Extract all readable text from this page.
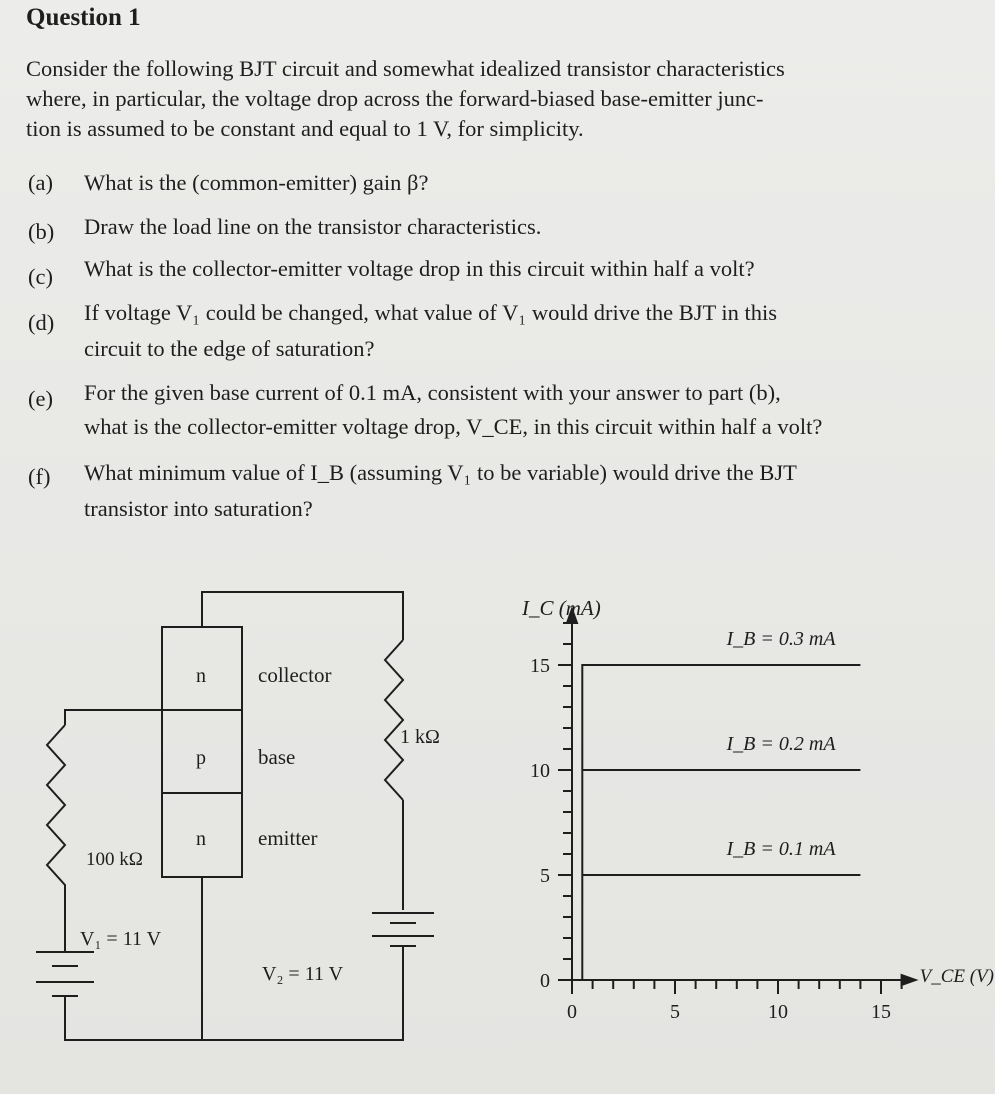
Question 1
Consider the following BJT circuit and somewhat idealized transistor characteristics
where, in particular, the voltage drop across the forward-biased base-emitter junc-
tion is assumed to be constant and equal to 1 V, for simplicity.
(a) What is the (common-emitter) gain β?
(b) Draw the load line on the transistor characteristics.
(c) What is the collector-emitter voltage drop in this circuit within half a volt?
(d) If voltage V₁ could be changed, what value of V₁ would drive the BJT in this
circuit to the edge of saturation?
(e) For the given base current of 0.1 mA, consistent with your answer to part (b),
what is the collector-emitter voltage drop, V_CE, in this circuit within half a volt?
(f) What minimum value of I_B (assuming V₁ to be variable) would drive the BJT
transistor into saturation?
n
p
n
collector
base
emitter
1 kΩ
V₂ = 11 V
100 kΩ
V₁ = 11 V
0
5
10
15
0	5	10	15
I_C (mA)
V_CE (V)
I_B = 0.3 mA
I_B = 0.2 mA
I_B = 0.1 mA
